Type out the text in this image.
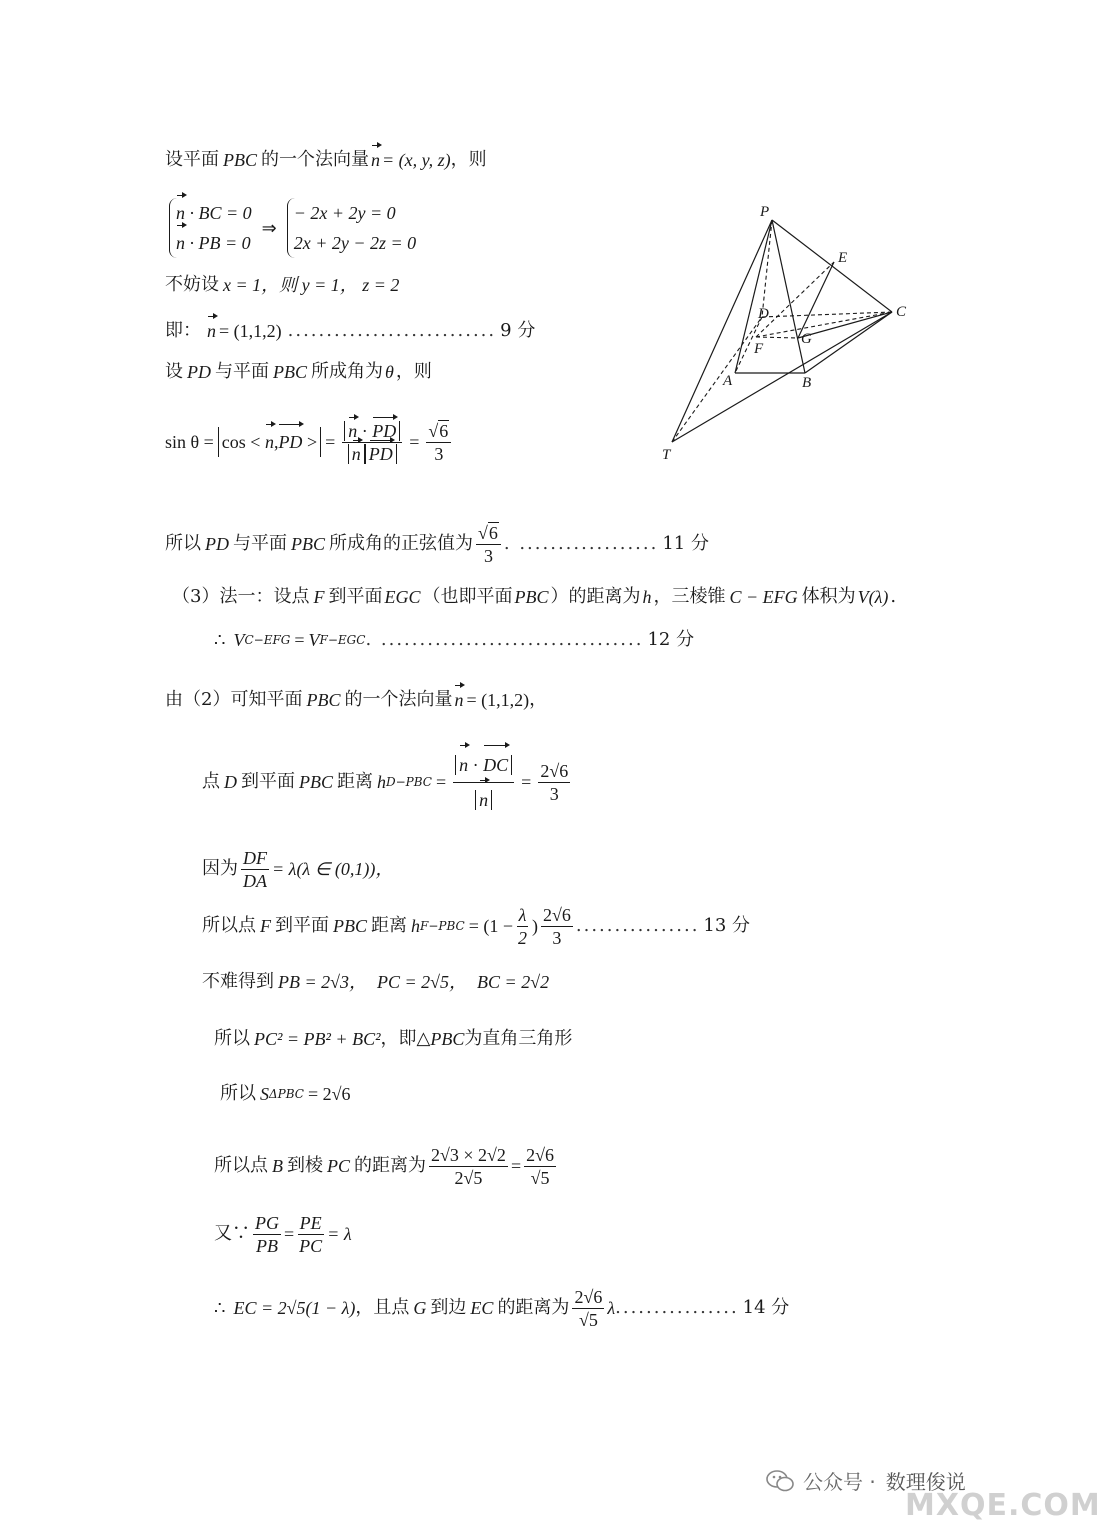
设平面 PBC 的一个法向量 n = (x, y, z) ，则
n · BC = 0
n · PB = 0
⇒
− 2x + 2y = 0
2x + 2y − 2z = 0
不妨设 x = 1，则 y = 1， z = 2
即： n = (1,1,2) ........................... 9 分
设 PD 与平面 PBC 所成角为 θ ，则
sin θ = cos < n,PD > = $\frac{n \cdot PD}{\text{n PD}} = \frac{√ 6}{3}$
所以 PD 与平面 PBC 所成角的正弦值为 $\frac{√ 6}{3}$ . .................. 11 分
（3）法一：设点 F 到平面 EGC （也即平面 PBC ）的距离为 h ，三棱锥 C − EFG 体积为 V(λ) .
∴ V C−EFG = V F−EGC . .................................. 12 分
由（2）可知平面 PBC 的一个法向量 n = (1,1,2) ，
点 D 到平面 PBC 距离 h $D-PBC = \frac{n \cdot DC}{n} = \frac{2√6}{3}$
因为 $\frac{DF}{DA} = \lambda(\lambda$ ∈ (0,1))，
所以点 F 到平面 PBC 距离 h $F-PBC = (1 - \frac{\lambda}{2}$ ) $\frac{2√6}{3}$ ................ 13 分
不难得到 PB = 2√3， PC = 2√5， BC = 2√2
所以 PC² = PB² + BC² ，即△ PBC 为直角三角形
所以 S ΔPBC = 2√6
所以点 B 到棱 PC 的距离为 $\frac{2√3 \times 2√2}{2√5} = \frac{2√6}{√5}$
又∵ $\frac{PG}{PB} = \frac{PE}{PC} = \lambda$
∴ EC = 2√5(1 − λ) ，且点 G 到边 EC 的距离为 $\frac{2√6}{√5}$ λ ................ 14 分
P
E
C
D
F
G
A	B
T
公众号 · 数理俊说
MXQE.COM
